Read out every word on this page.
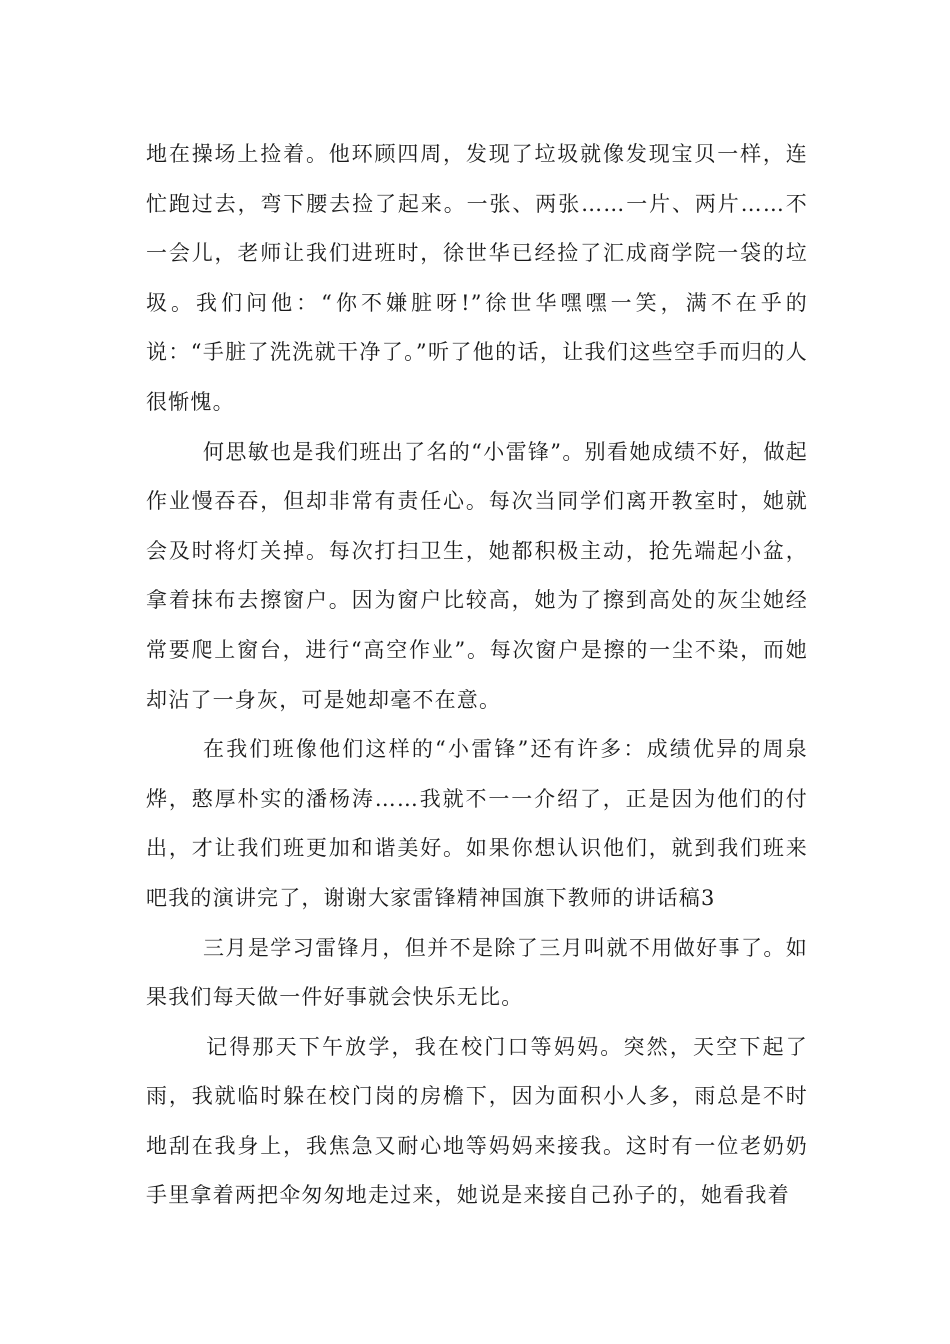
地在操场上捡着。他环顾四周，发现了垃圾就像发现宝贝一样，连忙跑过去，弯下腰去捡了起来。一张、两张……一片、两片……不一会儿，老师让我们进班时，徐世华已经捡了汇成商学院一袋的垃圾。我们问他：“你不嫌脏呀!”徐世华嘿嘿一笑，满不在乎的说：“手脏了洗洗就干净了。”听了他的话，让我们这些空手而归的人很惭愧。

何思敏也是我们班出了名的“小雷锋”。别看她成绩不好，做起作业慢吞吞，但却非常有责任心。每次当同学们离开教室时，她就会及时将灯关掉。每次打扫卫生，她都积极主动，抢先端起小盆，拿着抹布去擦窗户。因为窗户比较高，她为了擦到高处的灰尘她经常要爬上窗台，进行“高空作业”。每次窗户是擦的一尘不染，而她却沾了一身灰，可是她却毫不在意。

在我们班像他们这样的“小雷锋”还有许多：成绩优异的周泉烨，憨厚朴实的潘杨涛……我就不一一介绍了，正是因为他们的付出，才让我们班更加和谐美好。如果你想认识他们，就到我们班来吧我的演讲完了，谢谢大家雷锋精神国旗下教师的讲话稿3

三月是学习雷锋月，但并不是除了三月叫就不用做好事了。如果我们每天做一件好事就会快乐无比。

记得那天下午放学，我在校门口等妈妈。突然，天空下起了雨，我就临时躲在校门岗的房檐下，因为面积小人多，雨总是不时地刮在我身上，我焦急又耐心地等妈妈来接我。这时有一位老奶奶手里拿着两把伞匆匆地走过来，她说是来接自己孙子的，她看我着
